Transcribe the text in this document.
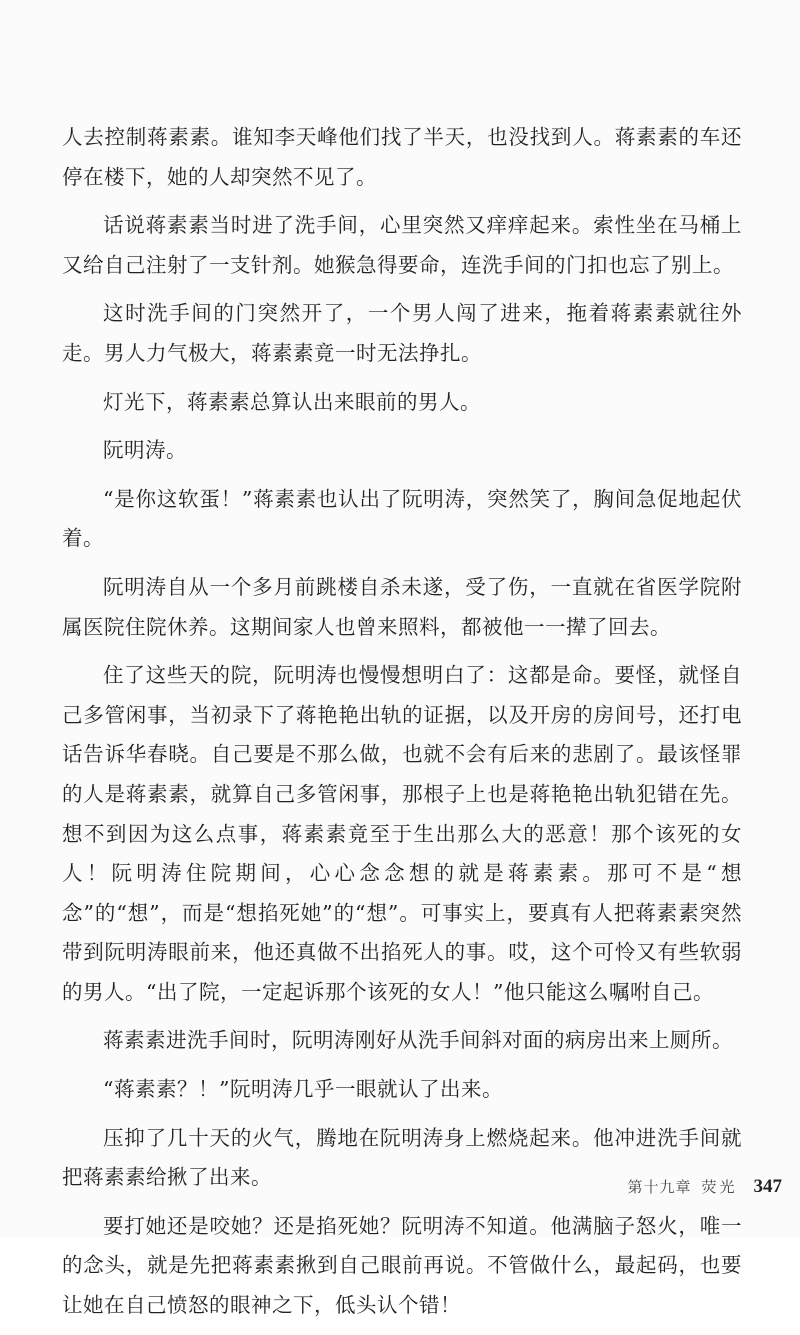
人去控制蒋素素。谁知李天峰他们找了半天，也没找到人。蒋素素的车还停在楼下，她的人却突然不见了。

话说蒋素素当时进了洗手间，心里突然又痒痒起来。索性坐在马桶上又给自己注射了一支针剂。她猴急得要命，连洗手间的门扣也忘了别上。

这时洗手间的门突然开了，一个男人闯了进来，拖着蒋素素就往外走。男人力气极大，蒋素素竟一时无法挣扎。

灯光下，蒋素素总算认出来眼前的男人。

阮明涛。

“是你这软蛋！”蒋素素也认出了阮明涛，突然笑了，胸间急促地起伏着。

阮明涛自从一个多月前跳楼自杀未遂，受了伤，一直就在省医学院附属医院住院休养。这期间家人也曾来照料，都被他一一撵了回去。

住了这些天的院，阮明涛也慢慢想明白了：这都是命。要怪，就怪自己多管闲事，当初录下了蒋艳艳出轨的证据，以及开房的房间号，还打电话告诉华春晓。自己要是不那么做，也就不会有后来的悲剧了。最该怪罪的人是蒋素素，就算自己多管闲事，那根子上也是蒋艳艳出轨犯错在先。想不到因为这么点事，蒋素素竟至于生出那么大的恶意！那个该死的女人！阮明涛住院期间，心心念念想的就是蒋素素。那可不是“想念”的“想”，而是“想掐死她”的“想”。可事实上，要真有人把蒋素素突然带到阮明涛眼前来，他还真做不出掐死人的事。哎，这个可怜又有些软弱的男人。“出了院，一定起诉那个该死的女人！”他只能这么嘱咐自己。

蒋素素进洗手间时，阮明涛刚好从洗手间斜对面的病房出来上厕所。

“蒋素素？！”阮明涛几乎一眼就认了出来。

压抑了几十天的火气，腾地在阮明涛身上燃烧起来。他冲进洗手间就把蒋素素给揪了出来。

要打她还是咬她？还是掐死她？阮明涛不知道。他满脑子怒火，唯一的念头，就是先把蒋素素揪到自己眼前再说。不管做什么，最起码，也要让她在自己愤怒的眼神之下，低头认个错！

第十九章 荧光 347
